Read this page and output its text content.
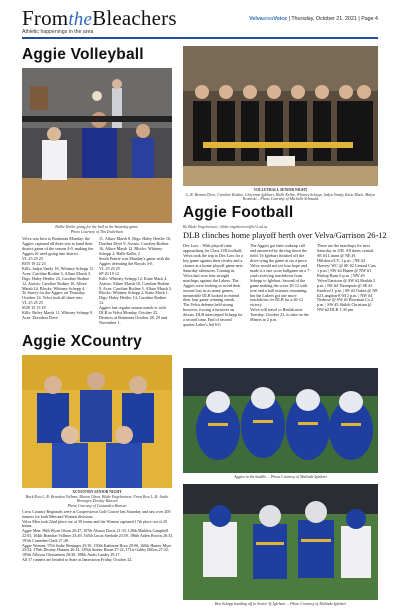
FromtheBleachers
Athletic happenings in the area
VelvaareaVoice | Thursday, October 21, 2021 | Page 4
Aggie Volleyball
Hallie Keller going for the ball at the Saturday game.
Photo Courtesy of Tim Tostlebson

Velva was host to Bottineau Monday, the Aggies captured all three sets to hand their district game of the season 4-0, making the Aggies #1 seed going into district.
VL 25 25 25
BOT 19 22 23
Kills: Jadyn Vandy 16, Whitney Schepp 11. Aces: Caroline Rodine 5, Allure Marsh 3. Digs: Haley Hertler 23, Caroline Rodine 12. Assists: Caroline Rodine 16, Allure Marsh 14. Blocks: Whitney Schepp 4.
To Surrey for the Aggies on Thursday, October 14. Velva took all three sets.
VL 25 25 25
SUR 15 13 18
Kills: Briley Marsh 11, Whitney Schepp 9. Aces: Dorothea Dove

11, Allure Marsh 6. Digs: Haley Hertler 16, Dorthea Dove 9. Assists: Caroline Rodine 16, Allure Marsh 12. Blocks: Whitney Schepp 2, Halle Keller 2.
South Prairie was Monday's game with the Aggies defeating the Royals 3-0.
VL 25 25 25
SP 20 19 12
Kills: Whitney Schepp 12, Katie Mack 4. Assists: Allure Marsh 10, Caroline Rodine 9. Aces: Caroline Rodine 5, Allure Marsh 3. Blocks: Whitney Schepp 2, Katie Mack 1. Digs: Haley Hertler 14, Caroline Rodine 12.
Aggies last regular season match is with DLB in Velva Monday, October 25. Districts at Bottineau October 28, 29 and November 1.

VOLLEYBALL SENIOR NIGHT
L–R: Brenna Dove, Caroline Rodine, Cheyenne Iglehart, Halle Keller, Whitney Schepp, Jadyn Vandy, Katie Mack, Maiya Kroneski – Photo Courtesy of Michelle Schmaltz
Aggie Football
By Blake Engebretson | blake.engebretson@k12.nd.us
DLB clinches home playoff berth over Velva/Garrison 26-12

Des Lacs – With playoff time approaching for Class 11B football, Velva took the trip to Des Lacs for a key game against their rivalry and a chance at a home playoff game next Saturday afternoon. Coming in, Velva had won four straight matchups against the Lakers. The Aggies were looking to avoid their second loss in as many games, meanwhile DLB looked to extend their four game winning streak.
The Velva defense held strong however, forcing a turnover on downs. DLB intercepted Schepp for a second time. End of second quarter Laker's led 6-0.

The Aggies got their wakeup call and answered by driving down the field. Ty Iglehart finished off the drive tying the game at six a piece.
Velva would not yet lose hope and made it a one score ballgame on a 7-yard receiving touchdown from Schepp to Iglehart. Second of the game making the score 20-12 with four and a half minutes remaining, but the Lakers got one more touchdown for DLB for a 26-12 victory.
Velva will travel to Beulah next Tuesday, October 23, to take on the Miners at 2 p.m.

These are the matchups for next Saturday in 11B. All times central.
SE #4 Linton @ NE #1 Hillsboro/CV, 1 p.m. | NE #3 Harvey/ WC @ SE #2 Central Cass 1 p.m. | SW #4 Hazen @ NW #1 Bishop Ryan 6 p.m. | NW #3 Velva/Garrison @ SW #2 Beulah 2 p.m. | NE #4 Thompson @ SE #1 Kindred 1 p.m. | SE #3 Oakes @ NE #2 Langdon-E-M 2 p.m. | NW #4 Nedrose @ SW #1 Bowman Co 2 p.m. | SW #3 Shiloh Christian @ NW #2 DLB 1:30 pm

Aggie XCountry
XCOUNTRY SENIOR NIGHT
Back Row L–R: Brandon Vollmer, Mason Olson, Blake Engebretson. Front Row L–R: Sadie Weninger, Destiny Hansen
Photo Courtesy of Cassandra Hansen

Cross Country Regionals were at Cooperstown Golf Course last Saturday and saw over 200 runners for both Men and Women divisions.
Velva Men took 22nd place out of 30 teams and the Women captured 17th place out of 25 teams.
Aggie Men: 86th Wyatt Olson 20:47, 107th Alonzo Davis 21:33, 129th Maddox Campbell 22:03, 164th Brandon Vollmer 23:49, 165th Lucas Sterlade 23:59, 186th Aiden Brown 26:33, 191th Cameden Clark 27:48.
Aggie Women: 97th Sadie Weninger 25:39, 150th Kathrene Hoor 29:06, 160th Hunter Myer 25:54, 176th Destiny Hansen 26:14, 185th Amber Rinne 27:22, 171st Gabby Dillon 27:32, 185th Allyson Christensen 28:30, 188th Audri Landry 29:17.
All 17 runners are headed to State at Jamestown Friday, October 22.

Aggies in the huddle. – Photo Courtesy of Malinda Iglehart
Ben Schepp handing off to Senior Ty Iglehart. – Photo Courtesy of Malinda Iglehart
